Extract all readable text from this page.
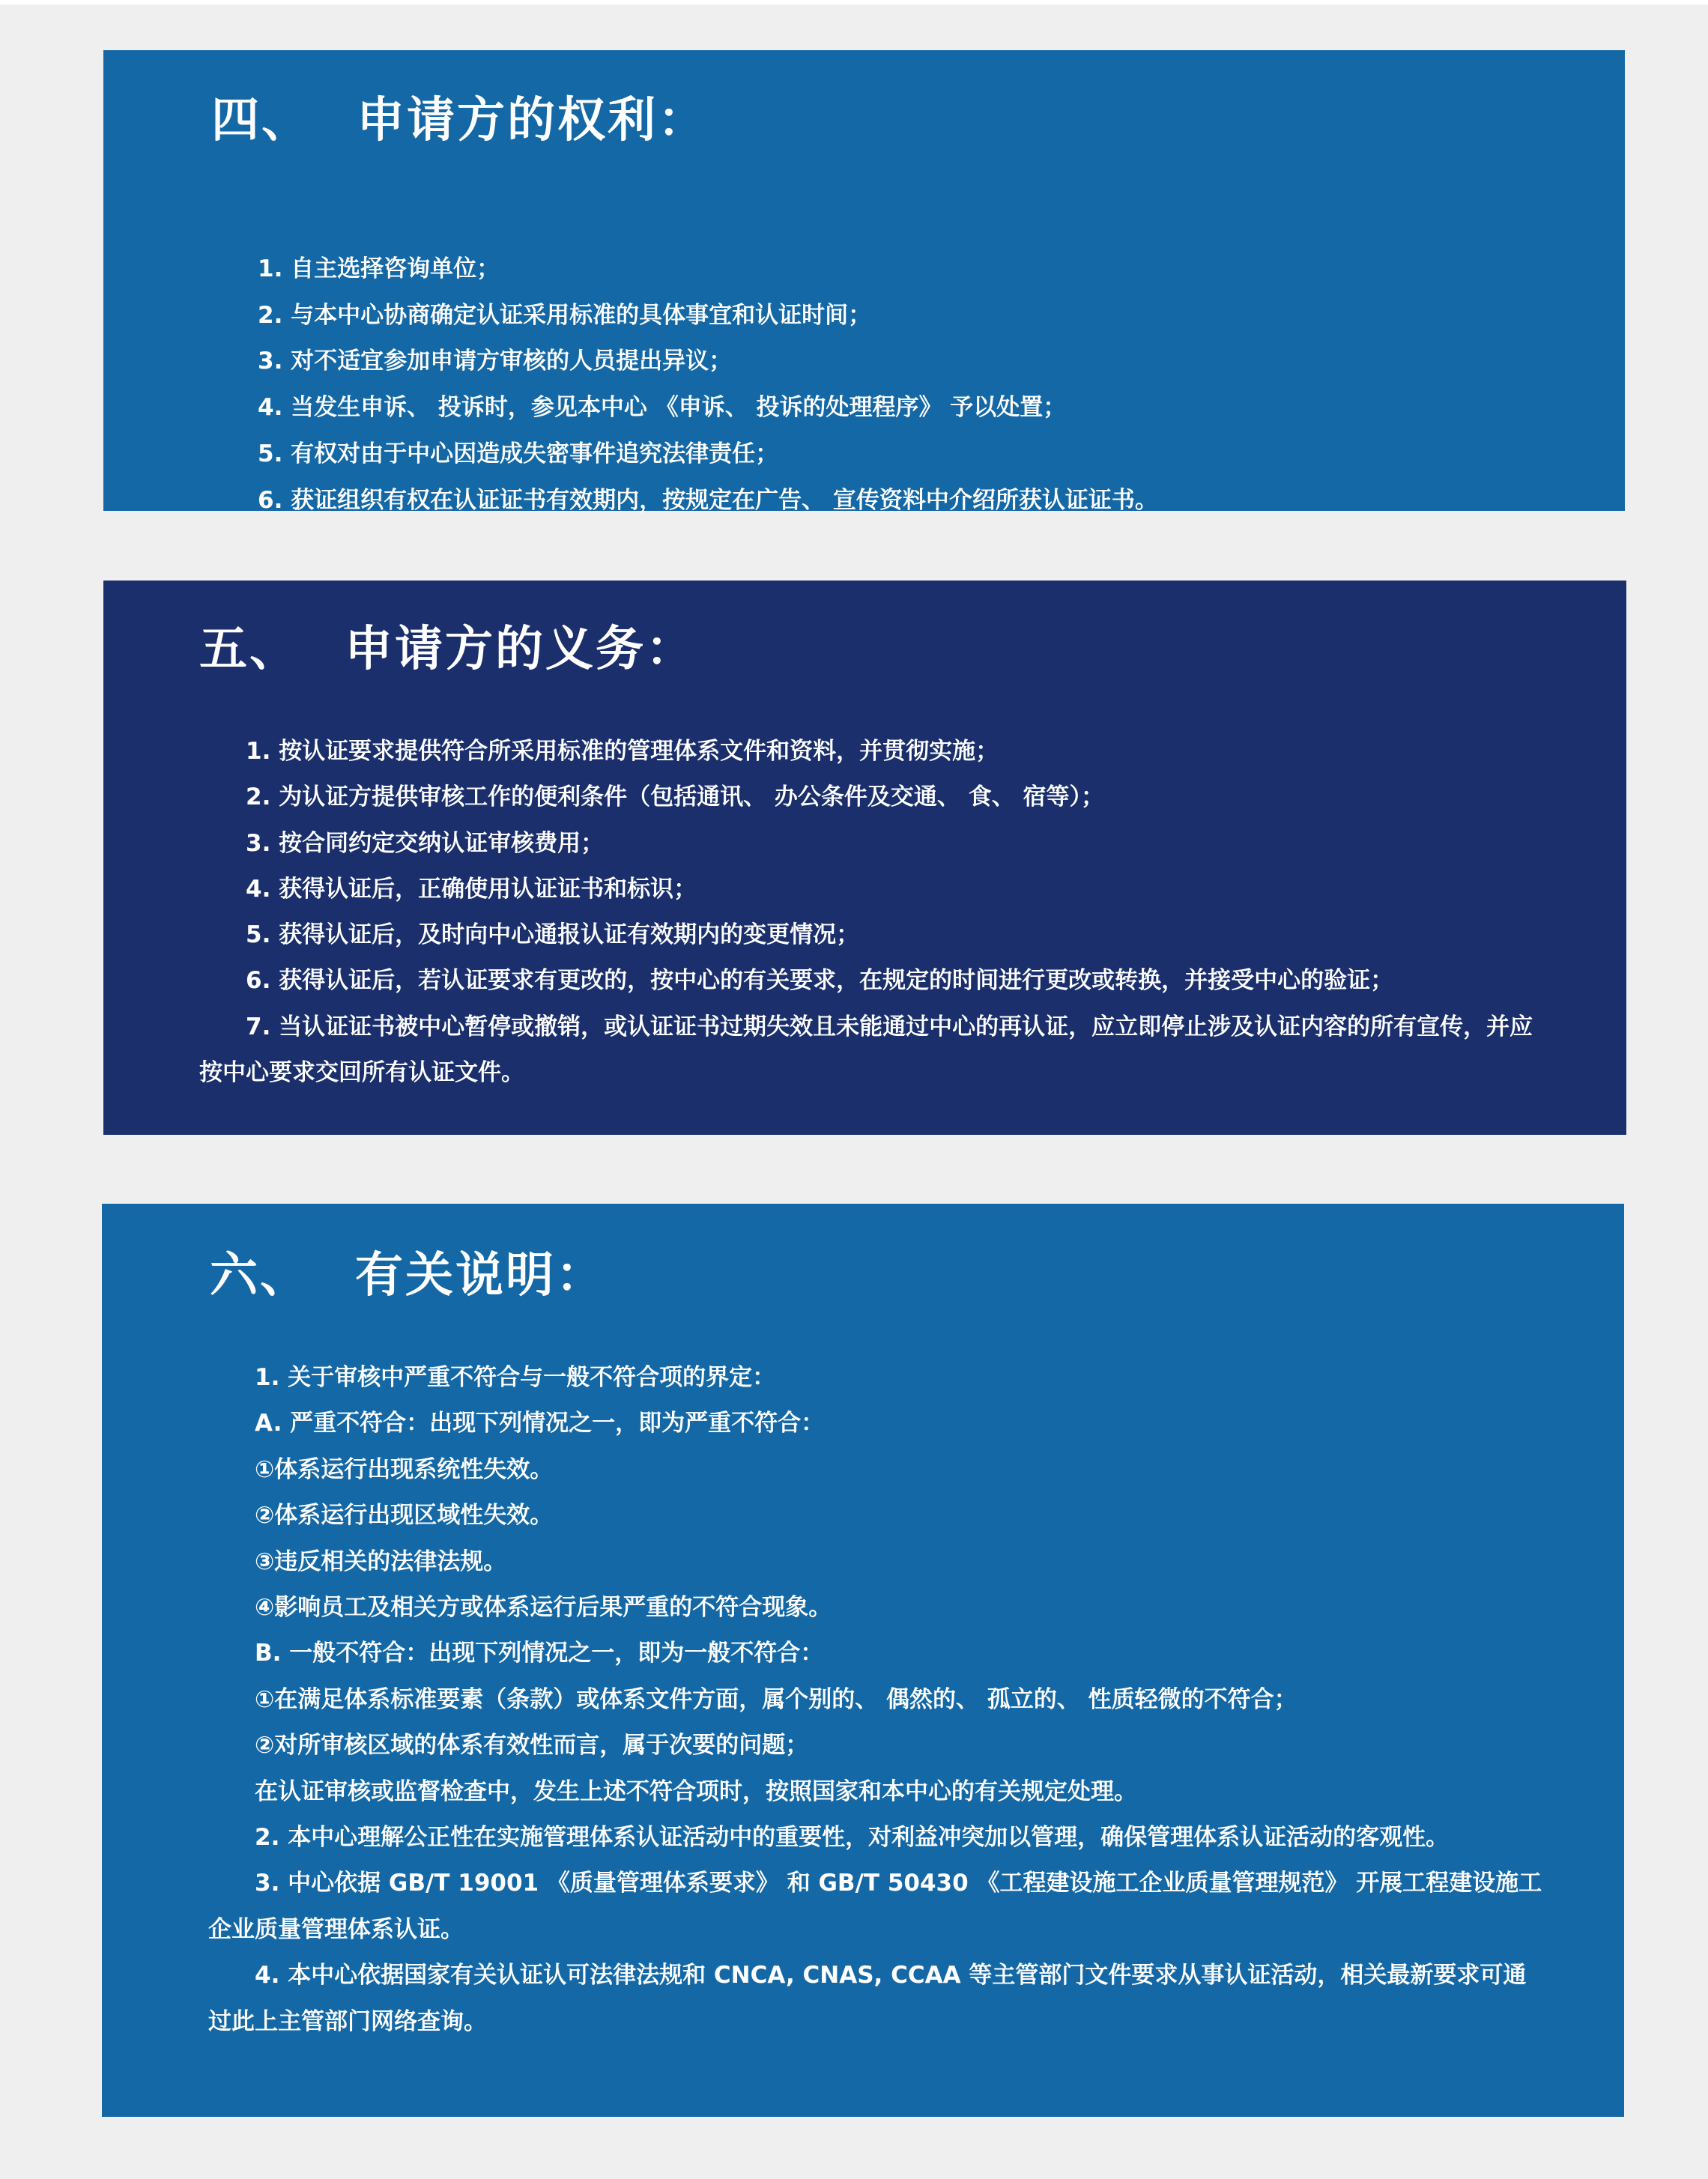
四、 申请方的权利：
1. 自主选择咨询单位；
2. 与本中心协商确定认证采用标准的具体事宜和认证时间；
3. 对不适宜参加申请方审核的人员提出异议；
4. 当发生申诉、 投诉时，参见本中心 《申诉、 投诉的处理程序》 予以处置；
5. 有权对由于中心因造成失密事件追究法律责任；
6. 获证组织有权在认证证书有效期内，按规定在广告、 宣传资料中介绍所获认证证书。
五、 申请方的义务：
1. 按认证要求提供符合所采用标准的管理体系文件和资料，并贯彻实施；
2. 为认证方提供审核工作的便利条件（包括通讯、 办公条件及交通、 食、 宿等）；
3. 按合同约定交纳认证审核费用；
4. 获得认证后，正确使用认证证书和标识；
5. 获得认证后，及时向中心通报认证有效期内的变更情况；
6. 获得认证后，若认证要求有更改的，按中心的有关要求，在规定的时间进行更改或转换，并接受中心的验证；
7. 当认证证书被中心暂停或撤销，或认证证书过期失效且未能通过中心的再认证，应立即停止涉及认证内容的所有宣传，并应按中心要求交回所有认证文件。
六、 有关说明：
1. 关于审核中严重不符合与一般不符合项的界定：
A. 严重不符合：出现下列情况之一，即为严重不符合：
①体系运行出现系统性失效。
②体系运行出现区域性失效。
③违反相关的法律法规。
④影响员工及相关方或体系运行后果严重的不符合现象。
B. 一般不符合：出现下列情况之一，即为一般不符合：
①在满足体系标准要素（条款）或体系文件方面，属个别的、 偶然的、 孤立的、 性质轻微的不符合；
②对所审核区域的体系有效性而言，属于次要的问题；
在认证审核或监督检查中，发生上述不符合项时，按照国家和本中心的有关规定处理。
2. 本中心理解公正性在实施管理体系认证活动中的重要性，对利益冲突加以管理，确保管理体系认证活动的客观性。
3. 中心依据 GB/T 19001 《质量管理体系要求》 和 GB/T 50430 《工程建设施工企业质量管理规范》 开展工程建设施工企业质量管理体系认证。
4. 本中心依据国家有关认证认可法律法规和 CNCA, CNAS, CCAA 等主管部门文件要求从事认证活动，相关最新要求可通过此上主管部门网络查询。
